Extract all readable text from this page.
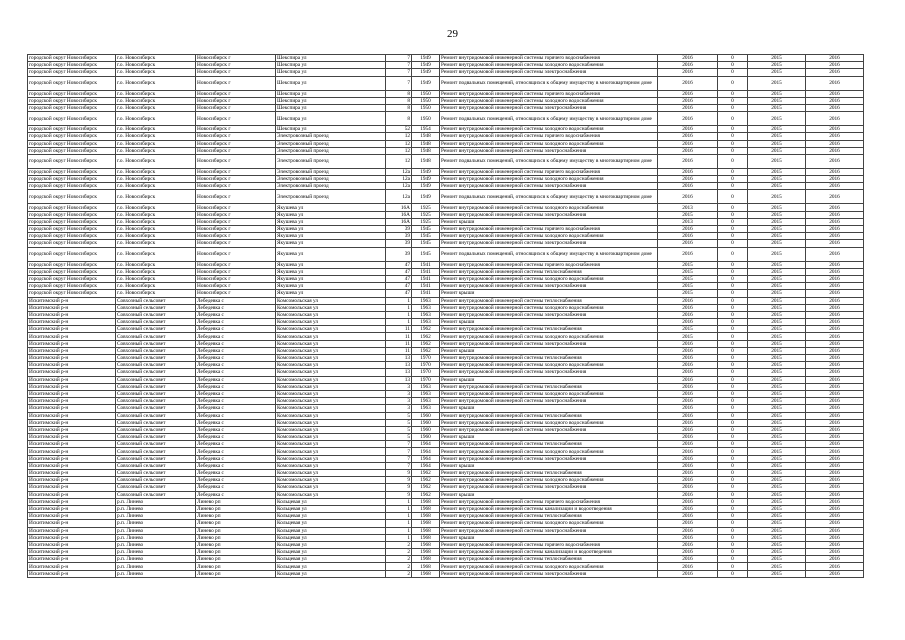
29
городской округ Новосибирск	г.о. Новосибирск	Новосибирск г	Шекспира ул	7	1949	Ремонт внутридомовой инженерной системы горячего водоснабжения	2016	0	2015	2016
городской округ Новосибирск	г.о. Новосибирск	Новосибирск г	Шекспира ул	7	1949	Ремонт внутридомовой инженерной системы холодного водоснабжения	2016	0	2015	2016
городской округ Новосибирск	г.о. Новосибирск	Новосибирск г	Шекспира ул	7	1949	Ремонт внутридомовой инженерной системы электроснабжения	2016	0	2015	2016
городской округ Новосибирск	г.о. Новосибирск	Новосибирск г	Шекспира ул	7	1949	Ремонт подвальных помещений, относящихся к общему имуществу в многоквартирном доме	2016	0	2015	2016
городской округ Новосибирск	г.о. Новосибирск	Новосибирск г	Шекспира ул	8	1950	Ремонт внутридомовой инженерной системы горячего водоснабжения	2016	0	2015	2016
городской округ Новосибирск	г.о. Новосибирск	Новосибирск г	Шекспира ул	8	1950	Ремонт внутридомовой инженерной системы холодного водоснабжения	2016	0	2015	2016
городской округ Новосибирск	г.о. Новосибирск	Новосибирск г	Шекспира ул	8	1950	Ремонт внутридомовой инженерной системы электроснабжения	2016	0	2015	2016
городской округ Новосибирск	г.о. Новосибирск	Новосибирск г	Шекспира ул	8	1950	Ремонт подвальных помещений, относящихся к общему имуществу в многоквартирном доме	2016	0	2015	2016
городской округ Новосибирск	г.о. Новосибирск	Новосибирск г	Шекспира ул	52	1954	Ремонт внутридомовой инженерной системы холодного водоснабжения	2016	0	2015	2016
городской округ Новосибирск	г.о. Новосибирск	Новосибирск г	Электровозный проезд	12	1948	Ремонт внутридомовой инженерной системы горячего водоснабжения	2016	0	2015	2016
городской округ Новосибирск	г.о. Новосибирск	Новосибирск г	Электровозный проезд	12	1948	Ремонт внутридомовой инженерной системы холодного водоснабжения	2016	0	2015	2016
городской округ Новосибирск	г.о. Новосибирск	Новосибирск г	Электровозный проезд	12	1948	Ремонт внутридомовой инженерной системы электроснабжения	2016	0	2015	2016
городской округ Новосибирск	г.о. Новосибирск	Новосибирск г	Электровозный проезд	12	1948	Ремонт подвальных помещений, относящихся к общему имуществу в многоквартирном доме	2016	0	2015	2016
городской округ Новосибирск	г.о. Новосибирск	Новосибирск г	Электровозный проезд	12а	1949	Ремонт внутридомовой инженерной системы горячего водоснабжения	2016	0	2015	2016
городской округ Новосибирск	г.о. Новосибирск	Новосибирск г	Электровозный проезд	12а	1949	Ремонт внутридомовой инженерной системы холодного водоснабжения	2016	0	2015	2016
городской округ Новосибирск	г.о. Новосибирск	Новосибирск г	Электровозный проезд	12а	1949	Ремонт внутридомовой инженерной системы электроснабжения	2016	0	2015	2016
городской округ Новосибирск	г.о. Новосибирск	Новосибирск г	Электровозный проезд	12а	1949	Ремонт подвальных помещений, относящихся к общему имуществу в многоквартирном доме	2016	0	2015	2016
городской округ Новосибирск	г.о. Новосибирск	Новосибирск г	Якушева ул	16А	1925	Ремонт внутридомовой инженерной системы холодного водоснабжения	2013	0	2015	2016
городской округ Новосибирск	г.о. Новосибирск	Новосибирск г	Якушева ул	16А	1925	Ремонт внутридомовой инженерной системы электроснабжения	2015	0	2015	2016
городской округ Новосибирск	г.о. Новосибирск	Новосибирск г	Якушева ул	16А	1925	Ремонт крыши	2013	0	2015	2016
городской округ Новосибирск	г.о. Новосибирск	Новосибирск г	Якушева ул	39	1945	Ремонт внутридомовой инженерной системы горячего водоснабжения	2016	0	2015	2016
городской округ Новосибирск	г.о. Новосибирск	Новосибирск г	Якушева ул	39	1945	Ремонт внутридомовой инженерной системы холодного водоснабжения	2016	0	2015	2016
городской округ Новосибирск	г.о. Новосибирск	Новосибирск г	Якушева ул	39	1945	Ремонт внутридомовой инженерной системы электроснабжения	2016	0	2015	2016
городской округ Новосибирск	г.о. Новосибирск	Новосибирск г	Якушева ул	39	1945	Ремонт подвальных помещений, относящихся к общему имуществу в многоквартирном доме	2016	0	2015	2016
городской округ Новосибирск	г.о. Новосибирск	Новосибирск г	Якушева ул	47	1941	Ремонт внутридомовой инженерной системы горячего водоснабжения	2015	0	2015	2016
городской округ Новосибирск	г.о. Новосибирск	Новосибирск г	Якушева ул	47	1941	Ремонт внутридомовой инженерной системы теплоснабжения	2015	0	2015	2016
городской округ Новосибирск	г.о. Новосибирск	Новосибирск г	Якушева ул	47	1941	Ремонт внутридомовой инженерной системы холодного водоснабжения	2015	0	2015	2016
городской округ Новосибирск	г.о. Новосибирск	Новосибирск г	Якушева ул	47	1941	Ремонт внутридомовой инженерной системы электроснабжения	2015	0	2015	2016
городской округ Новосибирск	г.о. Новосибирск	Новосибирск г	Якушева ул	47	1941	Ремонт крыши	2015	0	2015	2016
Искитимский р-н	Совхозный сельсовет	Лебедевка с	Комсомольская ул	1	1963	Ремонт внутридомовой инженерной системы теплоснабжения	2016	0	2015	2016
Искитимский р-н	Совхозный сельсовет	Лебедевка с	Комсомольская ул	1	1963	Ремонт внутридомовой инженерной системы холодного водоснабжения	2016	0	2015	2016
Искитимский р-н	Совхозный сельсовет	Лебедевка с	Комсомольская ул	1	1963	Ремонт внутридомовой инженерной системы электроснабжения	2016	0	2015	2016
Искитимский р-н	Совхозный сельсовет	Лебедевка с	Комсомольская ул	1	1963	Ремонт крыши	2016	0	2015	2016
Искитимский р-н	Совхозный сельсовет	Лебедевка с	Комсомольская ул	11	1962	Ремонт внутридомовой инженерной системы теплоснабжения	2015	0	2015	2016
Искитимский р-н	Совхозный сельсовет	Лебедевка с	Комсомольская ул	11	1962	Ремонт внутридомовой инженерной системы холодного водоснабжения	2015	0	2015	2016
Искитимский р-н	Совхозный сельсовет	Лебедевка с	Комсомольская ул	11	1962	Ремонт внутридомовой инженерной системы электроснабжения	2016	0	2015	2016
Искитимский р-н	Совхозный сельсовет	Лебедевка с	Комсомольская ул	11	1962	Ремонт крыши	2016	0	2015	2016
Искитимский р-н	Совхозный сельсовет	Лебедевка с	Комсомольская ул	13	1970	Ремонт внутридомовой инженерной системы теплоснабжения	2016	0	2015	2016
Искитимский р-н	Совхозный сельсовет	Лебедевка с	Комсомольская ул	13	1970	Ремонт внутридомовой инженерной системы холодного водоснабжения	2016	0	2015	2016
Искитимский р-н	Совхозный сельсовет	Лебедевка с	Комсомольская ул	13	1970	Ремонт внутридомовой инженерной системы электроснабжения	2016	0	2015	2016
Искитимский р-н	Совхозный сельсовет	Лебедевка с	Комсомольская ул	13	1970	Ремонт крыши	2016	0	2015	2016
Искитимский р-н	Совхозный сельсовет	Лебедевка с	Комсомольская ул	3	1963	Ремонт внутридомовой инженерной системы теплоснабжения	2016	0	2015	2016
Искитимский р-н	Совхозный сельсовет	Лебедевка с	Комсомольская ул	3	1963	Ремонт внутридомовой инженерной системы холодного водоснабжения	2016	0	2015	2016
Искитимский р-н	Совхозный сельсовет	Лебедевка с	Комсомольская ул	3	1963	Ремонт внутридомовой инженерной системы электроснабжения	2016	0	2015	2016
Искитимский р-н	Совхозный сельсовет	Лебедевка с	Комсомольская ул	3	1963	Ремонт крыши	2016	0	2015	2016
Искитимский р-н	Совхозный сельсовет	Лебедевка с	Комсомольская ул	5	1960	Ремонт внутридомовой инженерной системы теплоснабжения	2016	0	2015	2016
Искитимский р-н	Совхозный сельсовет	Лебедевка с	Комсомольская ул	5	1960	Ремонт внутридомовой инженерной системы холодного водоснабжения	2016	0	2015	2016
Искитимский р-н	Совхозный сельсовет	Лебедевка с	Комсомольская ул	5	1960	Ремонт внутридомовой инженерной системы электроснабжения	2016	0	2015	2016
Искитимский р-н	Совхозный сельсовет	Лебедевка с	Комсомольская ул	5	1960	Ремонт крыши	2016	0	2015	2016
Искитимский р-н	Совхозный сельсовет	Лебедевка с	Комсомольская ул	7	1964	Ремонт внутридомовой инженерной системы теплоснабжения	2016	0	2015	2016
Искитимский р-н	Совхозный сельсовет	Лебедевка с	Комсомольская ул	7	1964	Ремонт внутридомовой инженерной системы холодного водоснабжения	2016	0	2015	2016
Искитимский р-н	Совхозный сельсовет	Лебедевка с	Комсомольская ул	7	1964	Ремонт внутридомовой инженерной системы электроснабжения	2016	0	2015	2016
Искитимский р-н	Совхозный сельсовет	Лебедевка с	Комсомольская ул	7	1964	Ремонт крыши	2016	0	2015	2016
Искитимский р-н	Совхозный сельсовет	Лебедевка с	Комсомольская ул	9	1962	Ремонт внутридомовой инженерной системы теплоснабжения	2016	0	2015	2016
Искитимский р-н	Совхозный сельсовет	Лебедевка с	Комсомольская ул	9	1962	Ремонт внутридомовой инженерной системы холодного водоснабжения	2016	0	2015	2016
Искитимский р-н	Совхозный сельсовет	Лебедевка с	Комсомольская ул	9	1962	Ремонт внутридомовой инженерной системы электроснабжения	2016	0	2015	2016
Искитимский р-н	Совхозный сельсовет	Лебедевка с	Комсомольская ул	9	1962	Ремонт крыши	2016	0	2015	2016
Искитимский р-н	р.п. Линево	Линево рп	Кольцевая ул	1	1968	Ремонт внутридомовой инженерной системы горячего водоснабжения	2016	0	2015	2016
Искитимский р-н	р.п. Линево	Линево рп	Кольцевая ул	1	1968	Ремонт внутридомовой инженерной системы канализации и водоотведения	2016	0	2015	2016
Искитимский р-н	р.п. Линево	Линево рп	Кольцевая ул	1	1968	Ремонт внутридомовой инженерной системы теплоснабжения	2016	0	2015	2016
Искитимский р-н	р.п. Линево	Линево рп	Кольцевая ул	1	1968	Ремонт внутридомовой инженерной системы холодного водоснабжения	2016	0	2015	2016
Искитимский р-н	р.п. Линево	Линево рп	Кольцевая ул	1	1968	Ремонт внутридомовой инженерной системы электроснабжения	2016	0	2015	2016
Искитимский р-н	р.п. Линево	Линево рп	Кольцевая ул	1	1968	Ремонт крыши	2016	0	2015	2016
Искитимский р-н	р.п. Линево	Линево рп	Кольцевая ул	2	1968	Ремонт внутридомовой инженерной системы горячего водоснабжения	2016	0	2015	2016
Искитимский р-н	р.п. Линево	Линево рп	Кольцевая ул	2	1968	Ремонт внутридомовой инженерной системы канализации и водоотведения	2016	0	2015	2016
Искитимский р-н	р.п. Линево	Линево рп	Кольцевая ул	2	1968	Ремонт внутридомовой инженерной системы теплоснабжения	2016	0	2015	2016
Искитимский р-н	р.п. Линево	Линево рп	Кольцевая ул	2	1968	Ремонт внутридомовой инженерной системы холодного водоснабжения	2016	0	2015	2016
Искитимский р-н	р.п. Линево	Линево рп	Кольцевая ул	2	1968	Ремонт внутридомовой инженерной системы электроснабжения	2016	0	2015	2016
